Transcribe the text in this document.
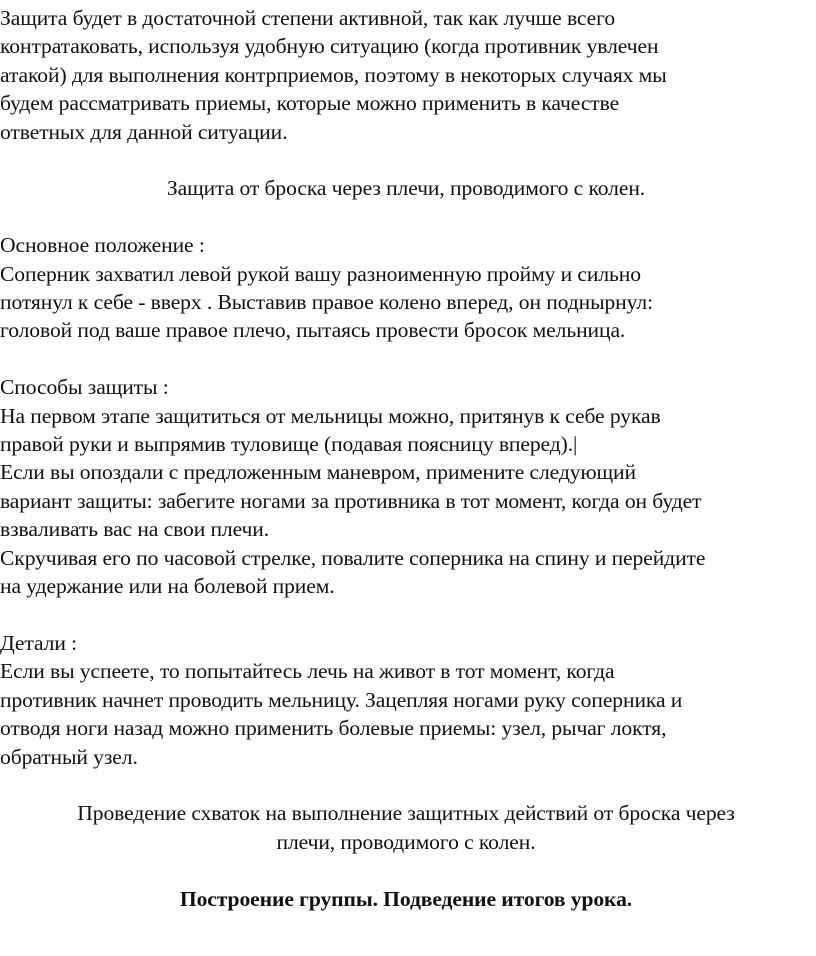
Защита будет в достаточной степени активной, так как лучше всего
контратаковать, используя удобную ситуацию (когда противник увлечен
атакой) для выполнения контрприемов, поэтому в некоторых случаях мы
будем рассматривать приемы, которые можно применить в качестве
ответных для данной ситуации.
Защита от броска через плечи, проводимого с колен.
Основное положение :
Соперник захватил левой рукой вашу разноименную пройму и сильно
потянул к себе - вверх . Выставив правое колено вперед, он поднырнул:
головой под ваше правое плечо, пытаясь провести бросок мельница.
Способы защиты :
На первом этапе защититься от мельницы можно, притянув к себе рукав
правой руки и выпрямив туловище (подавая поясницу вперед).|
Если вы опоздали с предложенным маневром, примените следующий
вариант защиты: забегите ногами за противника в тот момент, когда он будет
взваливать вас на свои плечи.
Скручивая его по часовой стрелке, повалите соперника на спину и перейдите
на удержание или на болевой прием.
Детали :
Если вы успеете, то попытайтесь лечь на живот в тот момент, когда
противник начнет проводить мельницу. Зацепляя ногами руку соперника и
отводя ноги назад можно применить болевые приемы: узел, рычаг локтя,
обратный узел.
Проведение схваток на выполнение защитных действий от броска через
плечи, проводимого с колен.
Построение группы. Подведение итогов урока.
